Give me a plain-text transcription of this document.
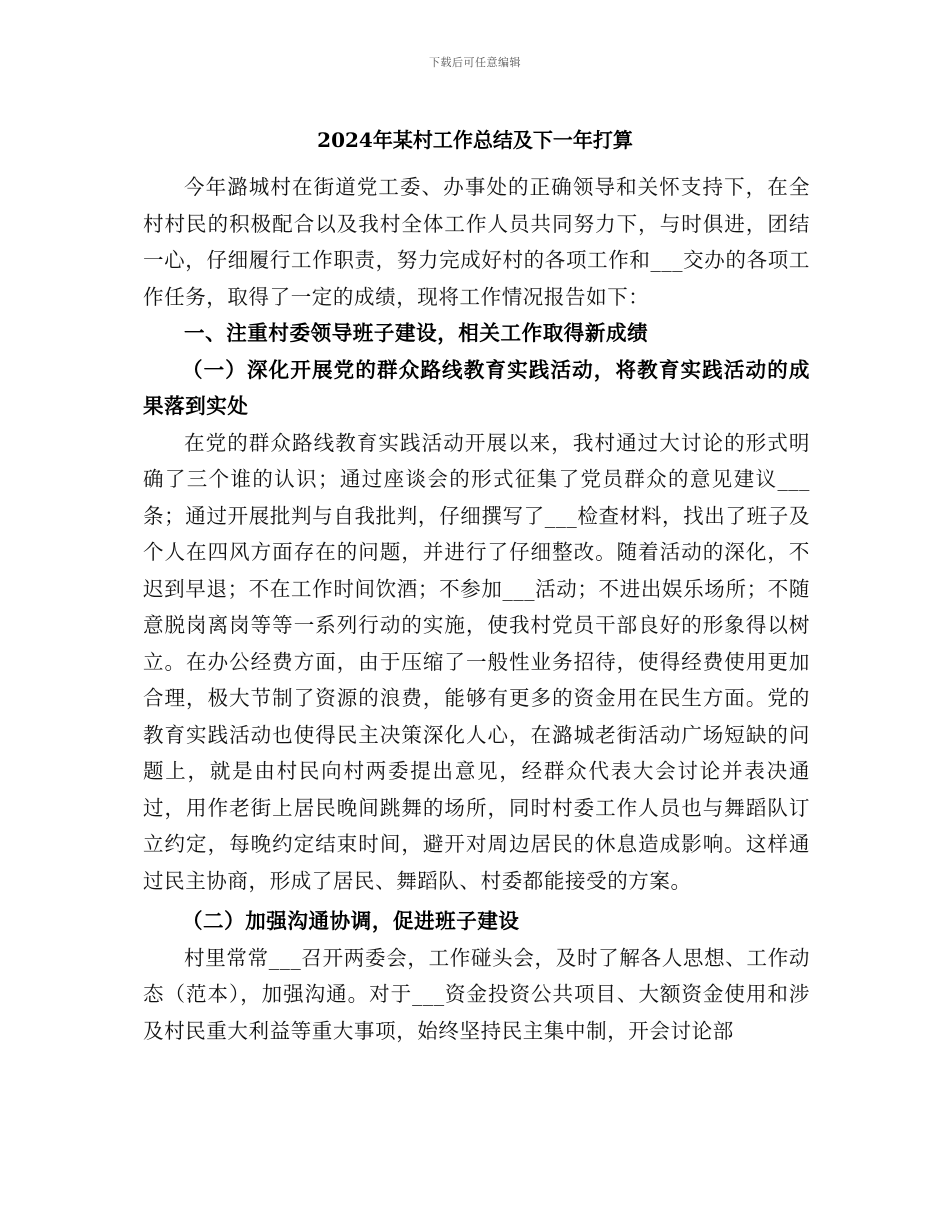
下载后可任意编辑
2024年某村工作总结及下一年打算

今年潞城村在街道党工委、办事处的正确领导和关怀支持下，在全村村民的积极配合以及我村全体工作人员共同努力下，与时俱进，团结一心，仔细履行工作职责，努力完成好村的各项工作和___交办的各项工作任务，取得了一定的成绩，现将工作情况报告如下：

一、注重村委领导班子建设，相关工作取得新成绩

（一）深化开展党的群众路线教育实践活动，将教育实践活动的成果落到实处

在党的群众路线教育实践活动开展以来，我村通过大讨论的形式明确了三个谁的认识；通过座谈会的形式征集了党员群众的意见建议___条；通过开展批判与自我批判，仔细撰写了___检查材料，找出了班子及个人在四风方面存在的问题，并进行了仔细整改。随着活动的深化，不迟到早退；不在工作时间饮酒；不参加___活动；不进出娱乐场所；不随意脱岗离岗等等一系列行动的实施，使我村党员干部良好的形象得以树立。在办公经费方面，由于压缩了一般性业务招待，使得经费使用更加合理，极大节制了资源的浪费，能够有更多的资金用在民生方面。党的教育实践活动也使得民主决策深化人心，在潞城老街活动广场短缺的问题上，就是由村民向村两委提出意见，经群众代表大会讨论并表决通过，用作老街上居民晚间跳舞的场所，同时村委工作人员也与舞蹈队订立约定，每晚约定结束时间，避开对周边居民的休息造成影响。这样通过民主协商，形成了居民、舞蹈队、村委都能接受的方案。

（二）加强沟通协调，促进班子建设

村里常常___召开两委会，工作碰头会，及时了解各人思想、工作动态（范本），加强沟通。对于___资金投资公共项目、大额资金使用和涉及村民重大利益等重大事项，始终坚持民主集中制，开会讨论部
